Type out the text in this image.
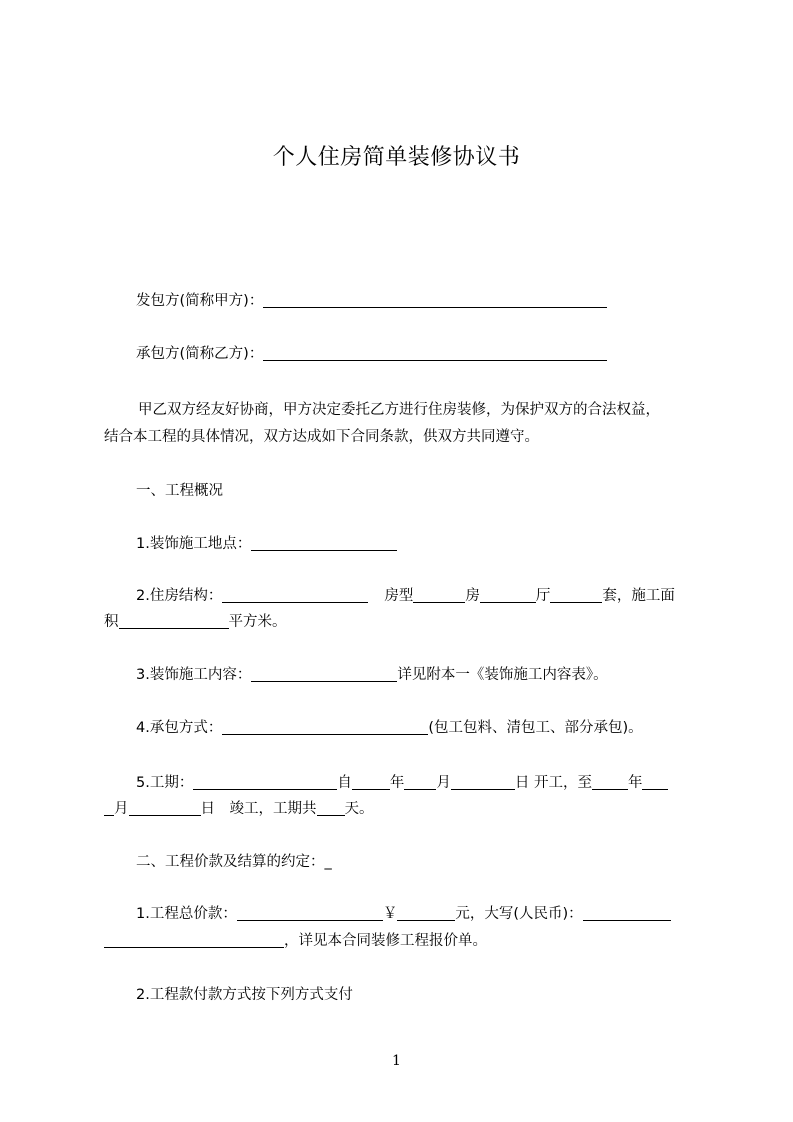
个人住房简单装修协议书
发包方(简称甲方)：
承包方(简称乙方)：
甲乙双方经友好协商，甲方决定委托乙方进行住房装修，为保护双方的合法权益，
结合本工程的具体情况，双方达成如下合同条款，供双方共同遵守。
一、工程概况
1.装饰施工地点：
2.住房结构：	房型	房	厅	套，施工面
积	平方米。
3.装饰施工内容：	详见附本一《装饰施工内容表》。
4.承包方式：	(包工包料、清包工、部分承包)。
5.工期：	自	年 月	日 开工，至 年
月	日　竣工，工期共 天。
二、工程价款及结算的约定：_
1.工程总价款：	￥	元，大写(人民币)：
，详见本合同装修工程报价单。
2.工程款付款方式按下列方式支付
1
